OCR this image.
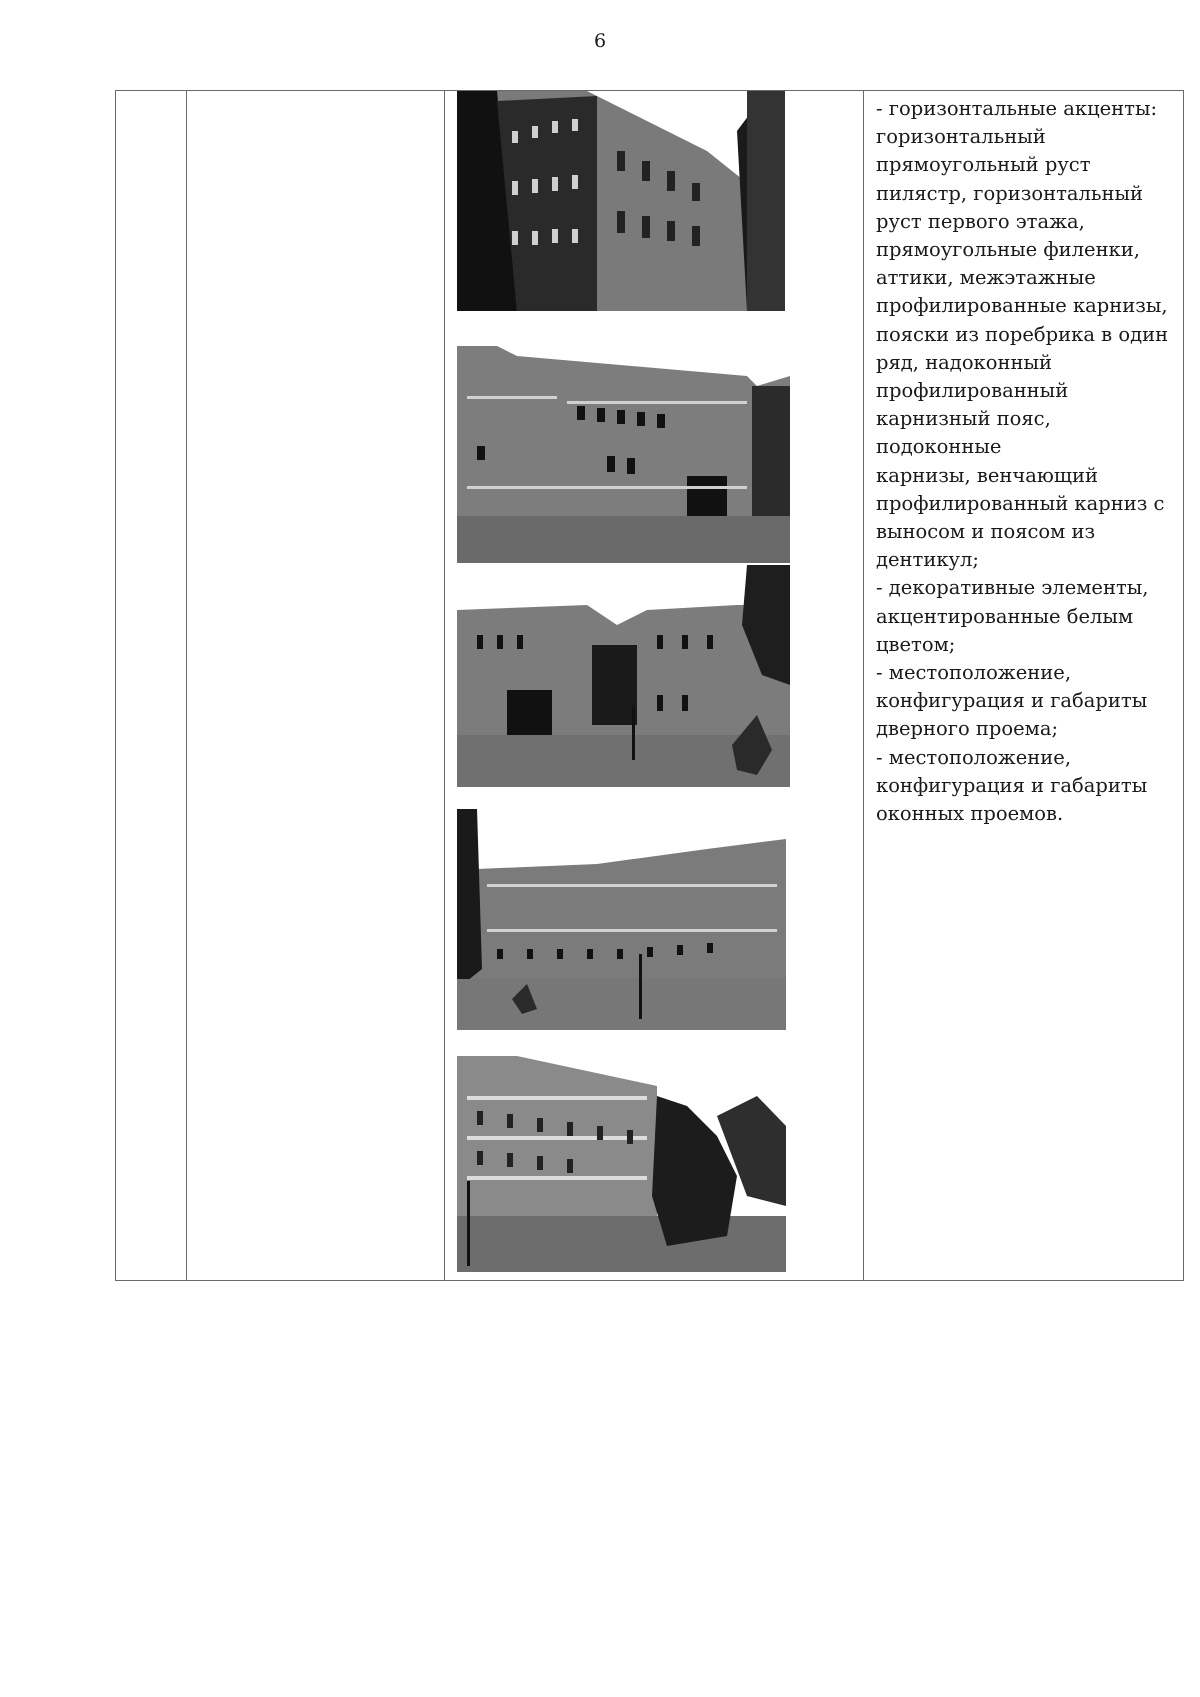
6

- горизонтальные акценты:

горизонтальный

прямоугольный руст

пилястр, горизонтальный

руст первого этажа,

прямоугольные филенки,

аттики, межэтажные

профилированные карнизы,

пояски из поребрика в один

ряд, надоконный

профилированный

карнизный пояс, подоконные

карнизы, венчающий

профилированный карниз с

выносом и поясом из

дентикул;

- декоративные элементы,

акцентированные белым

цветом;

- местоположение,

конфигурация и габариты

дверного проема;

- местоположение,

конфигурация и габариты

оконных проемов.
